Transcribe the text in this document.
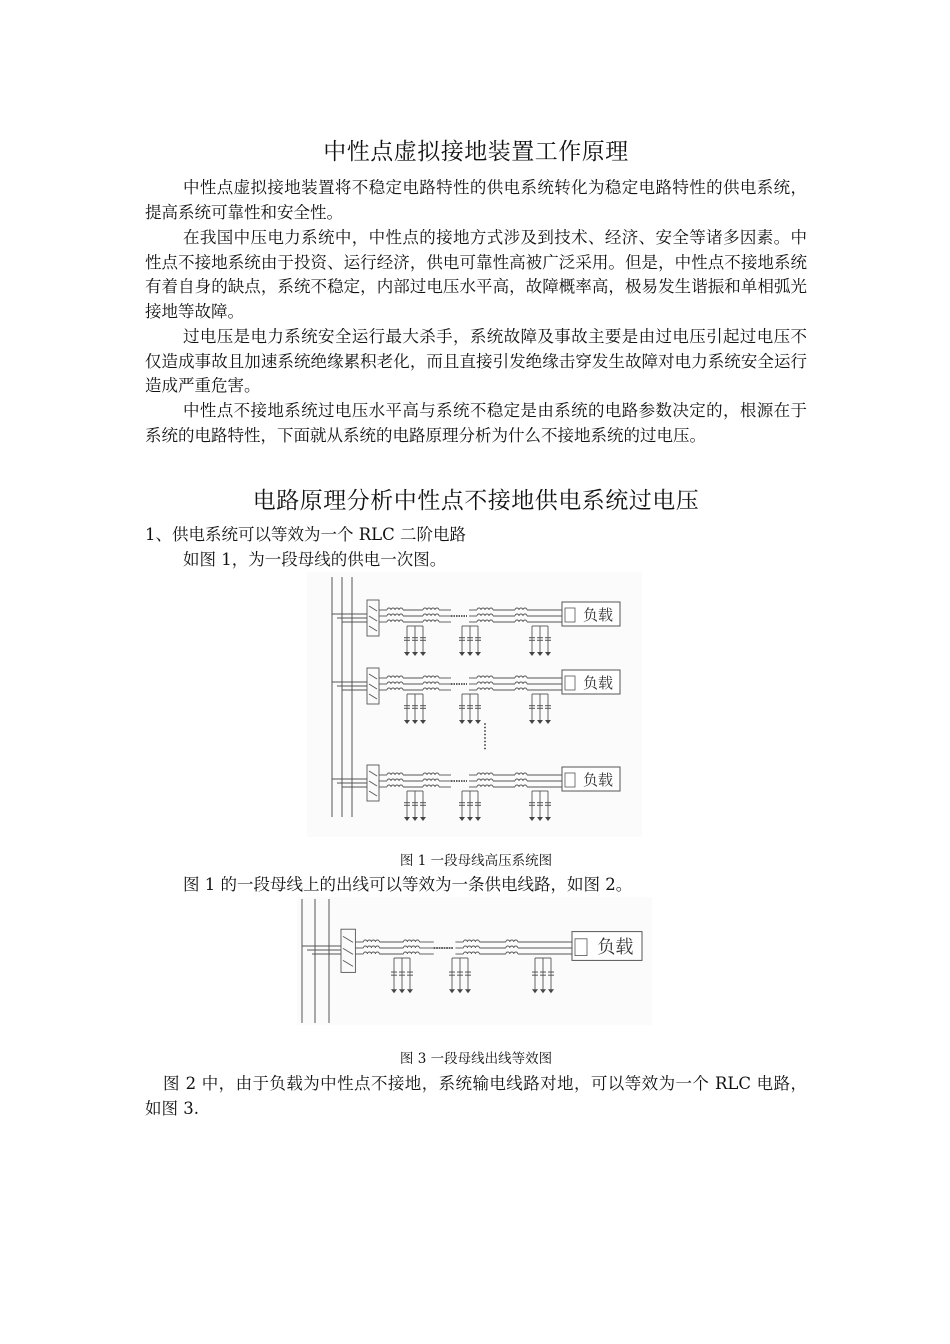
中性点虚拟接地装置工作原理

中性点虚拟接地装置将不稳定电路特性的供电系统转化为稳定电路特性的供电系统，提高系统可靠性和安全性。

在我国中压电力系统中，中性点的接地方式涉及到技术、经济、安全等诸多因素。中性点不接地系统由于投资、运行经济，供电可靠性高被广泛采用。但是，中性点不接地系统有着自身的缺点，系统不稳定，内部过电压水平高，故障概率高，极易发生谐振和单相弧光接地等故障。

过电压是电力系统安全运行最大杀手，系统故障及事故主要是由过电压引起过电压不仅造成事故且加速系统绝缘累积老化，而且直接引发绝缘击穿发生故障对电力系统安全运行造成严重危害。

中性点不接地系统过电压水平高与系统不稳定是由系统的电路参数决定的，根源在于系统的电路特性，下面就从系统的电路原理分析为什么不接地系统的过电压。

电路原理分析中性点不接地供电系统过电压

1、供电系统可以等效为一个 RLC 二阶电路

如图 1，为一段母线的供电一次图。

负载
负载
负载
图 1 一段母线高压系统图

图 1 的一段母线上的出线可以等效为一条供电线路，如图 2。

负载
图 3 一段母线出线等效图

图 2 中，由于负载为中性点不接地，系统输电线路对地，可以等效为一个 RLC 电路，如图 3.
